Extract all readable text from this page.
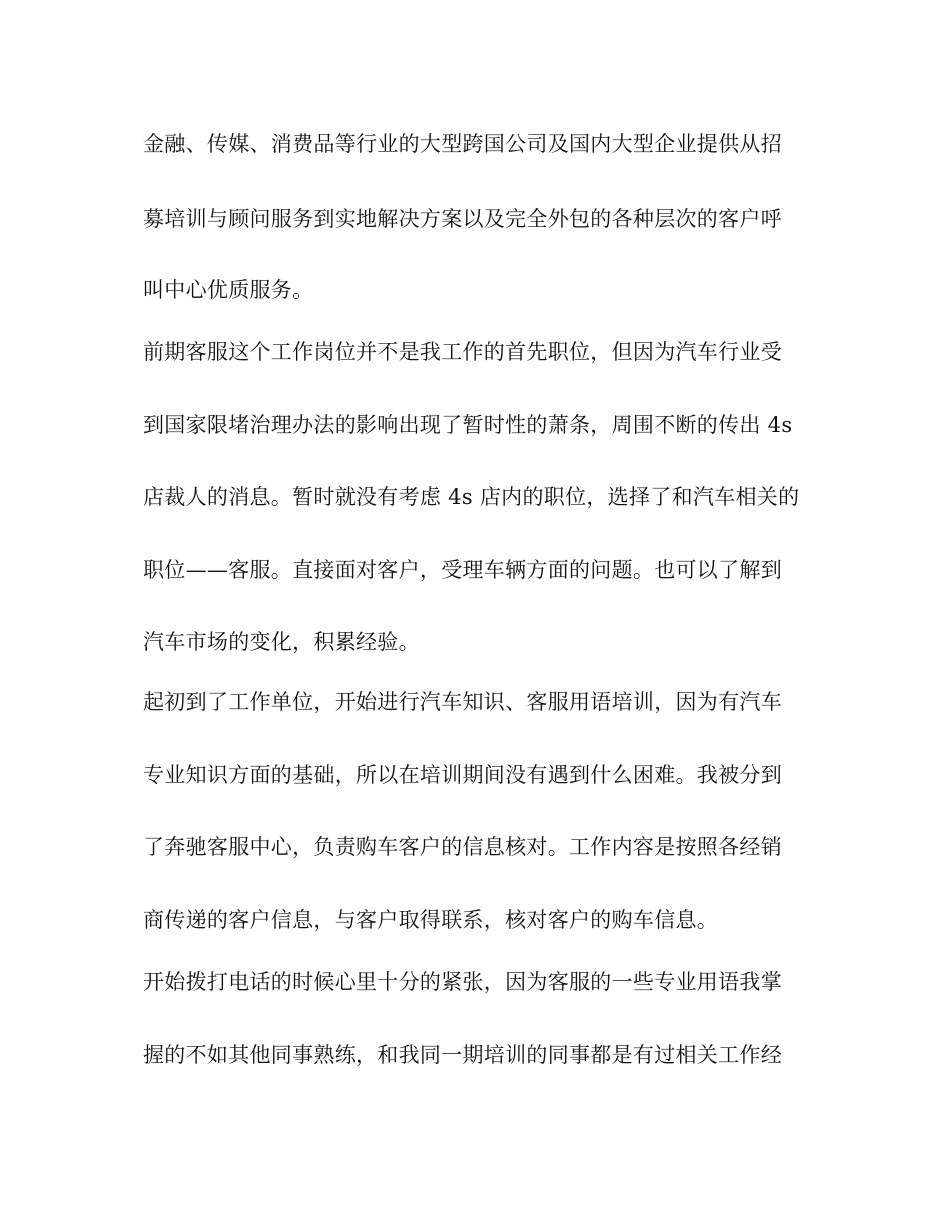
金融、传媒、消费品等行业的大型跨国公司及国内大型企业提供从招
募培训与顾问服务到实地解决方案以及完全外包的各种层次的客户呼
叫中心优质服务。
前期客服这个工作岗位并不是我工作的首先职位，但因为汽车行业受
到国家限堵治理办法的影响出现了暂时性的萧条，周围不断的传出 4s
店裁人的消息。暂时就没有考虑 4s 店内的职位，选择了和汽车相关的
职位——客服。直接面对客户，受理车辆方面的问题。也可以了解到
汽车市场的变化，积累经验。
起初到了工作单位，开始进行汽车知识、客服用语培训，因为有汽车
专业知识方面的基础，所以在培训期间没有遇到什么困难。我被分到
了奔驰客服中心，负责购车客户的信息核对。工作内容是按照各经销
商传递的客户信息，与客户取得联系，核对客户的购车信息。
开始拨打电话的时候心里十分的紧张，因为客服的一些专业用语我掌
握的不如其他同事熟练，和我同一期培训的同事都是有过相关工作经
